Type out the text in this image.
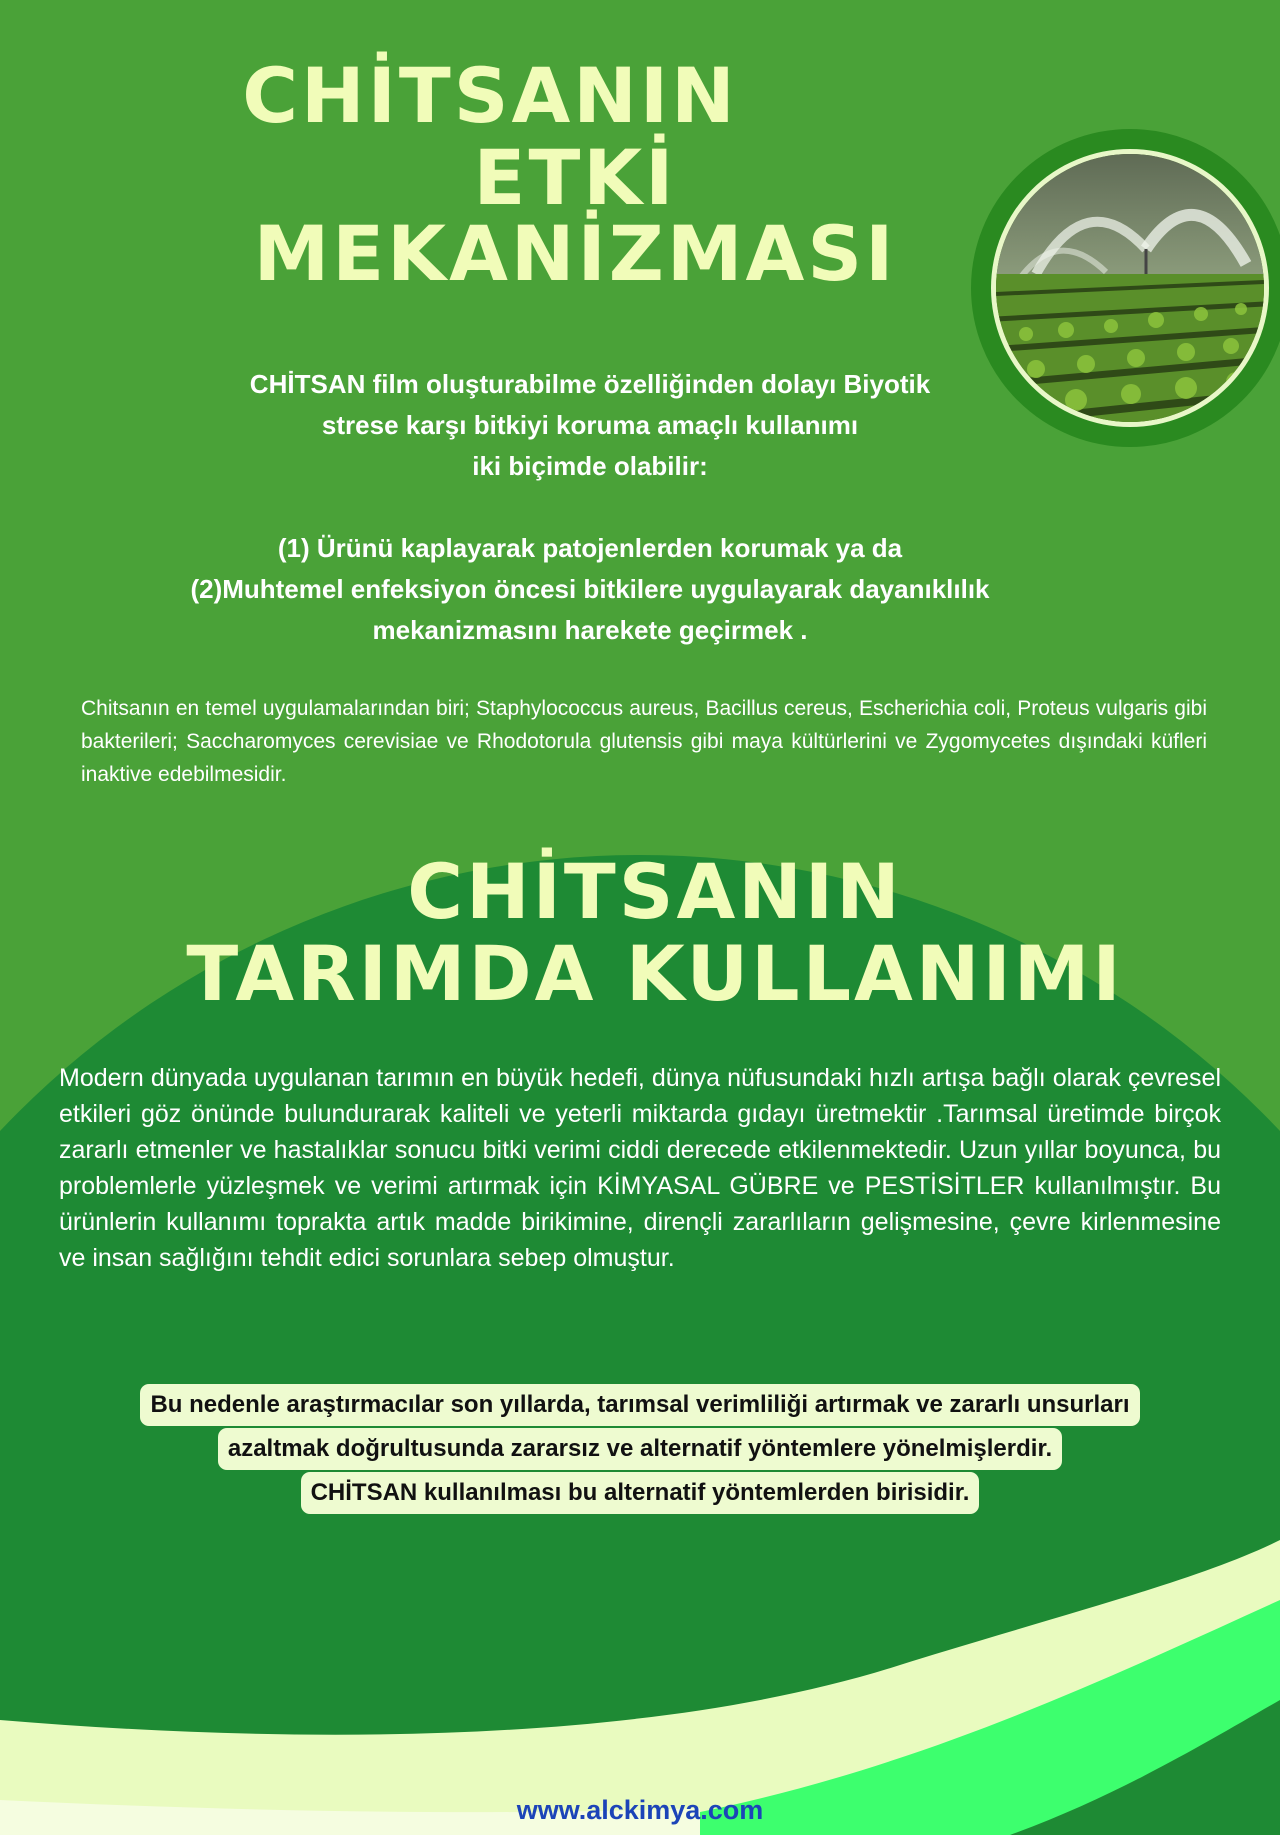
CHİTSANIN
ETKİ MEKANİZMASI
CHİTSAN film oluşturabilme özelliğinden dolayı Biyotik
strese karşı bitkiyi koruma amaçlı kullanımı
iki biçimde olabilir:
(1) Ürünü kaplayarak patojenlerden korumak ya da
(2)Muhtemel enfeksiyon öncesi bitkilere uygulayarak dayanıklılık
mekanizmasını harekete geçirmek .

Chitsanın en temel uygulamalarından biri; Staphylococcus aureus, Bacillus cereus, Escherichia coli, Proteus vulgaris gibi bakterileri; Saccharomyces cerevisiae ve Rhodotorula glutensis gibi maya kültürlerini ve Zygomycetes dışındaki küfleri inaktive edebilmesidir.

CHİTSANIN
TARIMDA KULLANIMI

Modern dünyada uygulanan tarımın en büyük hedefi, dünya nüfusundaki hızlı artışa bağlı olarak çevresel etkileri göz önünde bulundurarak kaliteli ve yeterli miktarda gıdayı üretmektir .Tarımsal üretimde birçok zararlı etmenler ve hastalıklar sonucu bitki verimi ciddi derecede etkilenmektedir. Uzun yıllar boyunca, bu problemlerle yüzleşmek ve verimi artırmak için KİMYASAL GÜBRE ve PESTİSİTLER kullanılmıştır. Bu ürünlerin kullanımı toprakta artık madde birikimine, dirençli zararlıların gelişmesine, çevre kirlenmesine ve insan sağlığını tehdit edici sorunlara sebep olmuştur.

Bu nedenle araştırmacılar son yıllarda, tarımsal verimliliği artırmak ve zararlı unsurları
azaltmak doğrultusunda zararsız ve alternatif yöntemlere yönelmişlerdir.
CHİTSAN kullanılması bu alternatif yöntemlerden birisidir.
www.alckimya.com
